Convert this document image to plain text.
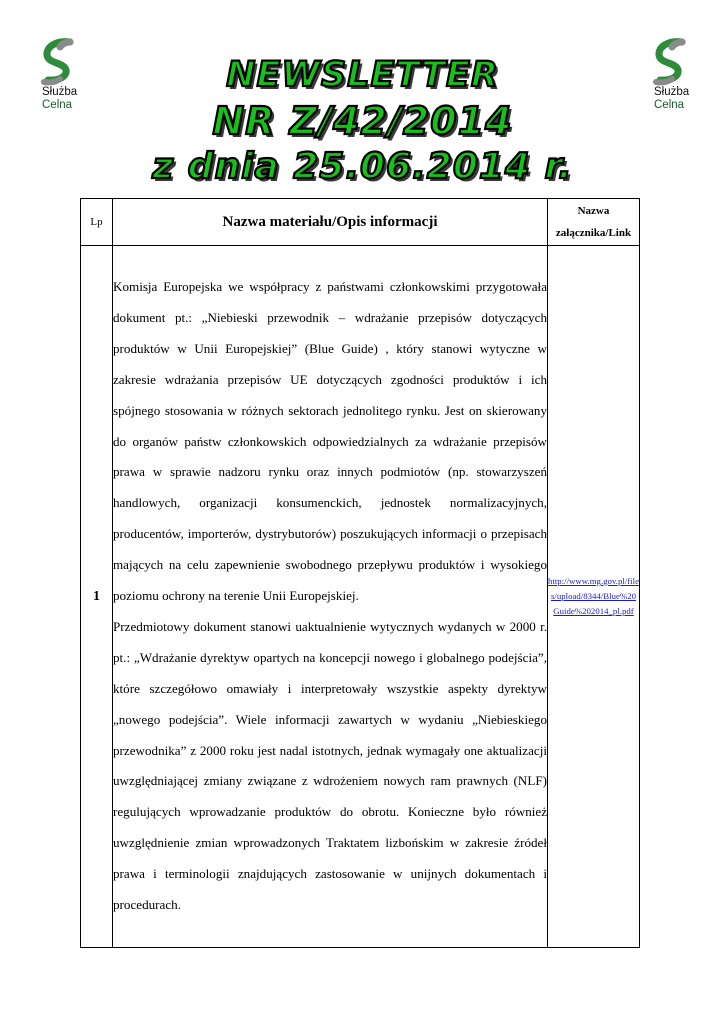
Służba
Celna
Służba
Celna
NEWSLETTER
NR Z/42/2014
z dnia 25.06.2014 r.
Lp	Nazwa materiału/Opis informacji	Nazwa załącznika/Link
1	Komisja Europejska we współpracy z państwami członkowskimi przygotowała dokument pt.: „Niebieski przewodnik – wdrażanie przepisów dotyczących produktów w Unii Europejskiej” (Blue Guide) , który stanowi wytyczne w zakresie wdrażania przepisów UE dotyczących zgodności produktów i ich spójnego stosowania w różnych sektorach jednolitego rynku. Jest on skierowany do organów państw członkowskich odpowiedzialnych za wdrażanie przepisów prawa w sprawie nadzoru rynku oraz innych podmiotów (np. stowarzyszeń handlowych, organizacji konsumenckich, jednostek normalizacyjnych, producentów, importerów, dystrybutorów) poszukujących informacji o przepisach mających na celu zapewnienie swobodnego przepływu produktów i wysokiego poziomu ochrony na terenie Unii Europejskiej.

Przedmiotowy dokument stanowi uaktualnienie wytycznych wydanych w 2000 r. pt.: „Wdrażanie dyrektyw opartych na koncepcji nowego i globalnego podejścia”, które szczegółowo omawiały i interpretowały wszystkie aspekty dyrektyw „nowego podejścia”. Wiele informacji zawartych w wydaniu „Niebieskiego przewodnika” z 2000 roku jest nadal istotnych, jednak wymagały one aktualizacji uwzględniającej zmiany związane z wdrożeniem nowych ram prawnych (NLF) regulujących wprowadzanie produktów do obrotu. Konieczne było również uwzględnienie zmian wprowadzonych Traktatem lizbońskim w zakresie źródeł prawa i terminologii znajdujących zastosowanie w unijnych dokumentach i procedurach.	http://www.mg.gov.pl/files/upload/8344/Blue%20Guide%202014_pl.pdf
